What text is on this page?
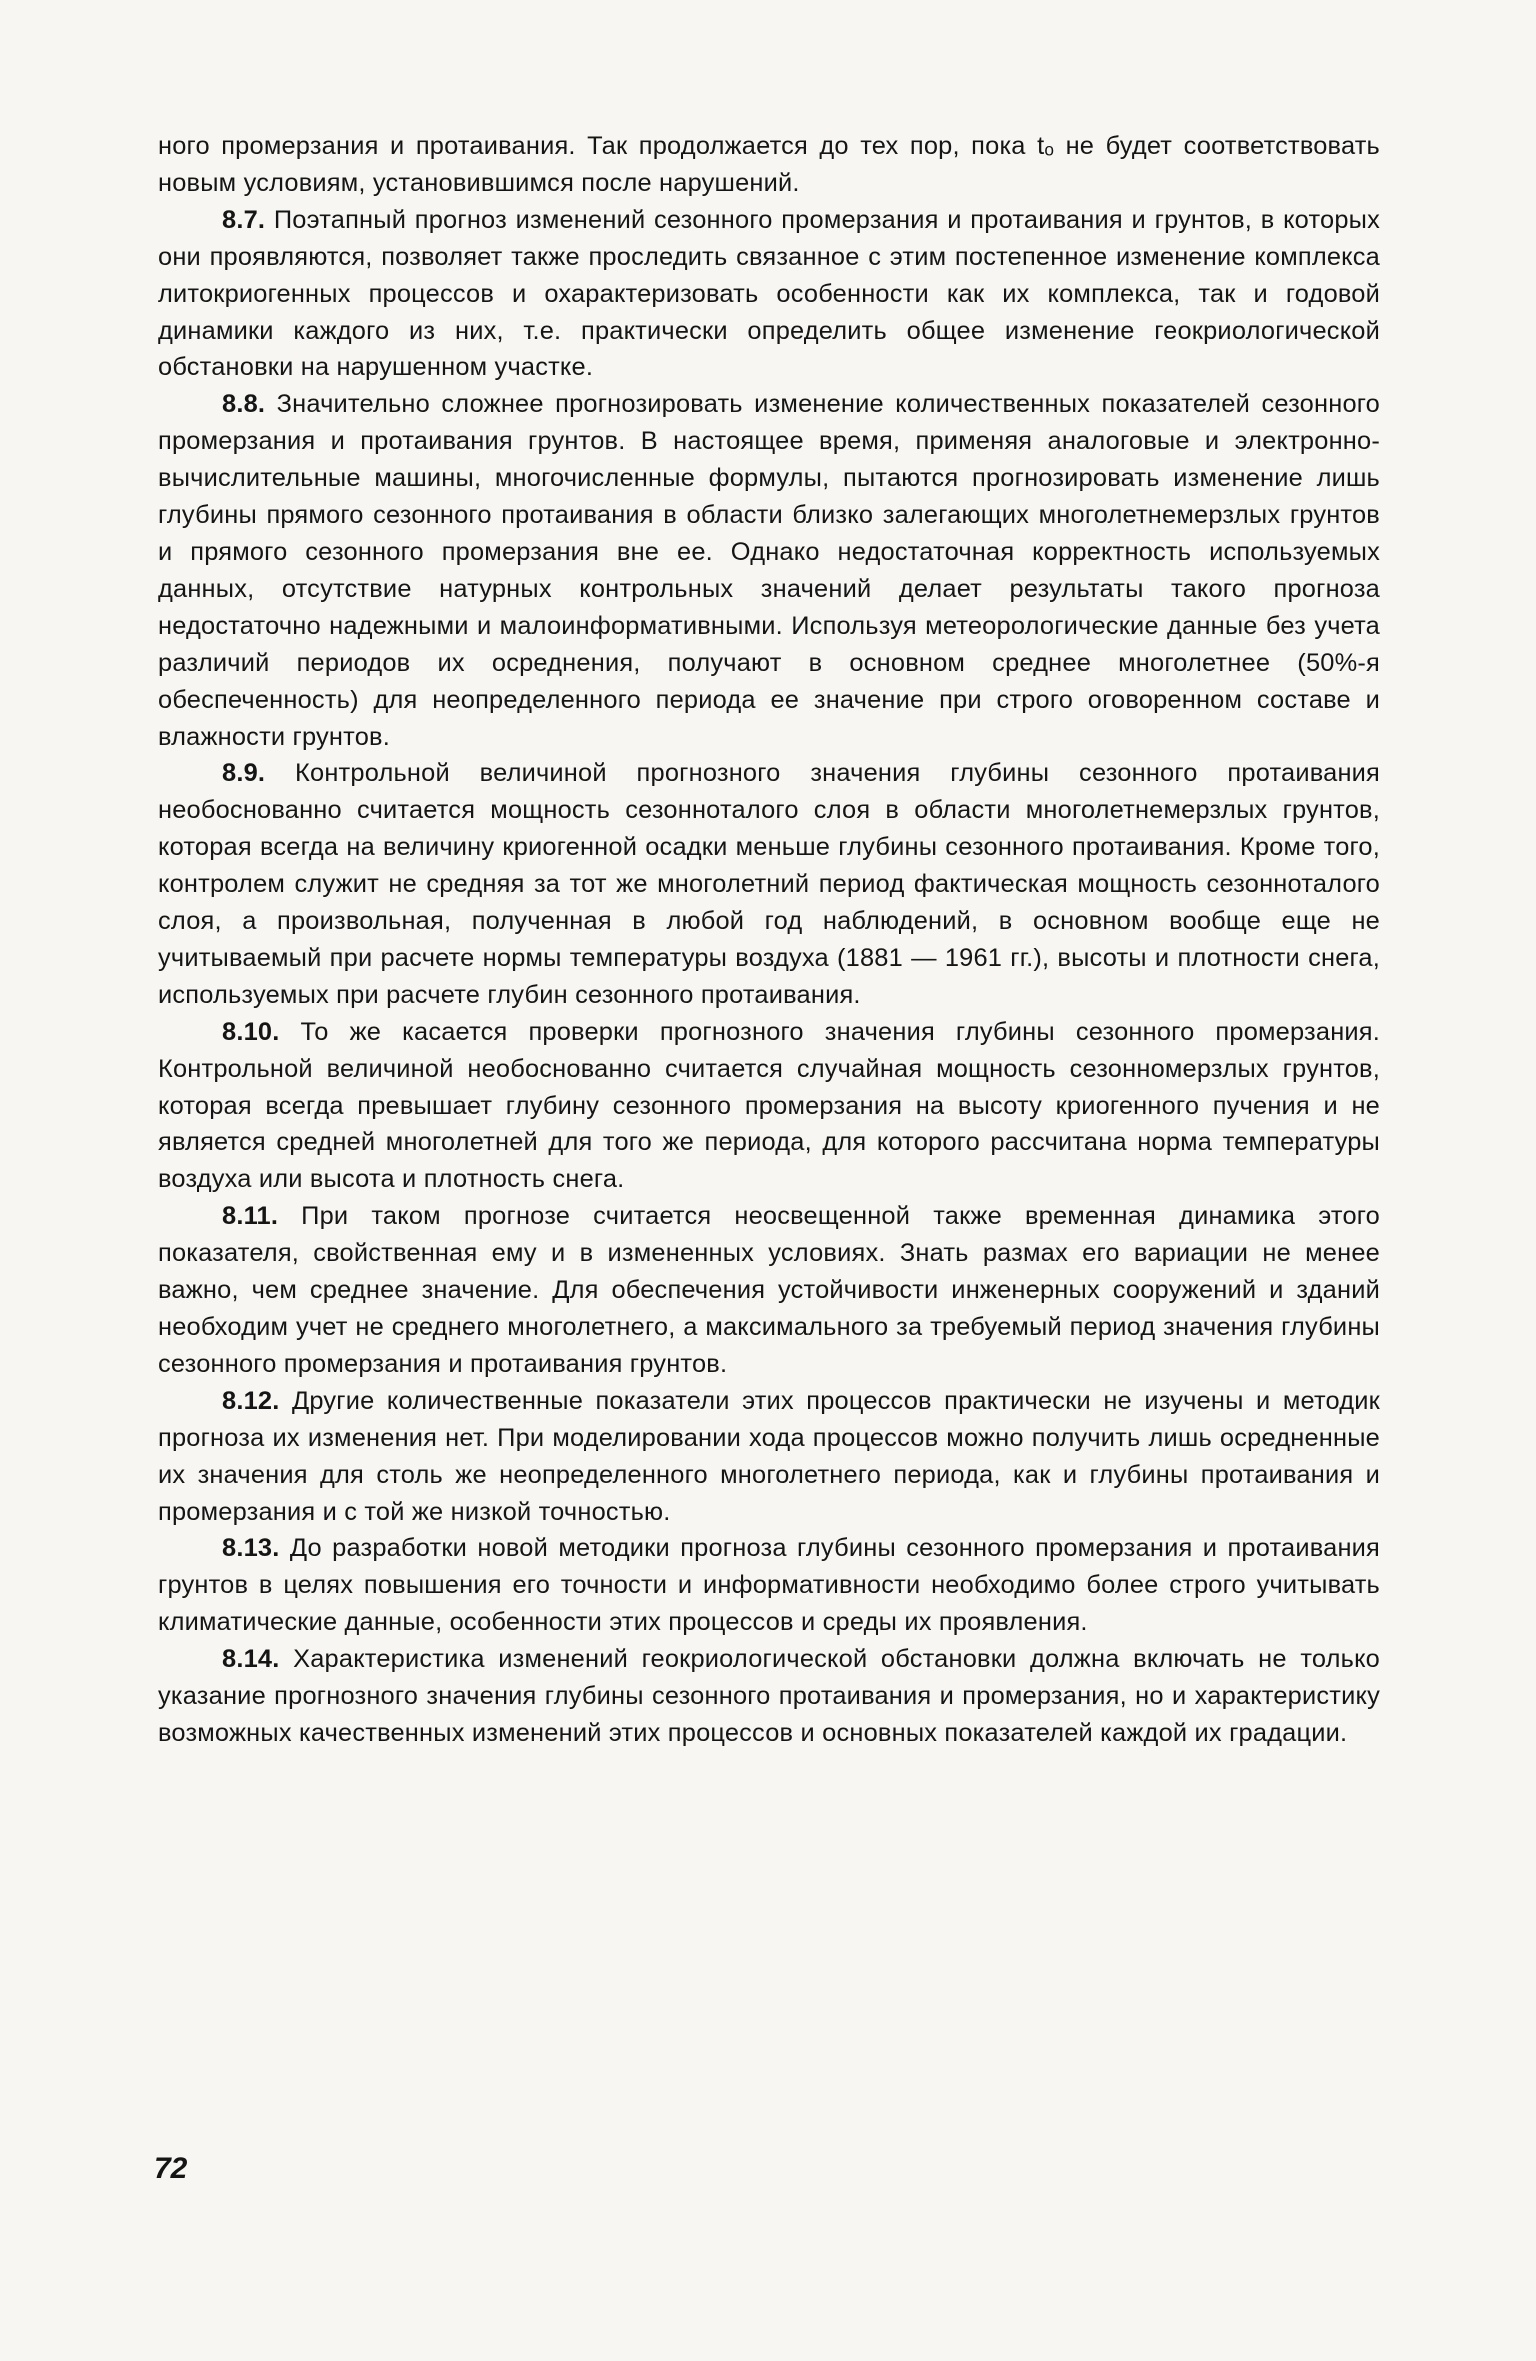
ного промерзания и протаивания. Так продолжается до тех пор, пока tₒ не будет соответствовать новым условиям, установившимся после нарушений.

8.7. Поэтапный прогноз изменений сезонного промерзания и протаивания и грунтов, в которых они проявляются, позволяет также проследить связанное с этим постепенное изменение комплекса литокриогенных процессов и охарактеризовать особенности как их комплекса, так и годовой динамики каждого из них, т.е. практически определить общее изменение геокриологической обстановки на нарушенном участке.

8.8. Значительно сложнее прогнозировать изменение количественных показателей сезонного промерзания и протаивания грунтов. В настоящее время, применяя аналоговые и электронно-вычислительные машины, многочисленные формулы, пытаются прогнозировать изменение лишь глубины прямого сезонного протаивания в области близко залегающих многолетнемерзлых грунтов и прямого сезонного промерзания вне ее. Однако недостаточная корректность используемых данных, отсутствие натурных контрольных значений делает результаты такого прогноза недостаточно надежными и малоинформативными. Используя метеорологические данные без учета различий периодов их осреднения, получают в основном среднее многолетнее (50%-я обеспеченность) для неопределенного периода ее значение при строго оговоренном составе и влажности грунтов.

8.9. Контрольной величиной прогнозного значения глубины сезонного протаивания необоснованно считается мощность сезонноталого слоя в области многолетнемерзлых грунтов, которая всегда на величину криогенной осадки меньше глубины сезонного протаивания. Кроме того, контролем служит не средняя за тот же многолетний период фактическая мощность сезонноталого слоя, а произвольная, полученная в любой год наблюдений, в основном вообще еще не учитываемый при расчете нормы температуры воздуха (1881 — 1961 гг.), высоты и плотности снега, используемых при расчете глубин сезонного протаивания.

8.10. То же касается проверки прогнозного значения глубины сезонного промерзания. Контрольной величиной необоснованно считается случайная мощность сезонномерзлых грунтов, которая всегда превышает глубину сезонного промерзания на высоту криогенного пучения и не является средней многолетней для того же периода, для которого рассчитана норма температуры воздуха или высота и плотность снега.

8.11. При таком прогнозе считается неосвещенной также временная динамика этого показателя, свойственная ему и в измененных условиях. Знать размах его вариации не менее важно, чем среднее значение. Для обеспечения устойчивости инженерных сооружений и зданий необходим учет не среднего многолетнего, а максимального за требуемый период значения глубины сезонного промерзания и протаивания грунтов.

8.12. Другие количественные показатели этих процессов практически не изучены и методик прогноза их изменения нет. При моделировании хода процессов можно получить лишь осредненные их значения для столь же неопределенного многолетнего периода, как и глубины протаивания и промерзания и с той же низкой точностью.

8.13. До разработки новой методики прогноза глубины сезонного промерзания и протаивания грунтов в целях повышения его точности и информативности необходимо более строго учитывать климатические данные, особенности этих процессов и среды их проявления.

8.14. Характеристика изменений геокриологической обстановки должна включать не только указание прогнозного значения глубины сезонного протаивания и промерзания, но и характеристику возможных качественных изменений этих процессов и основных показателей каждой их градации.

72
